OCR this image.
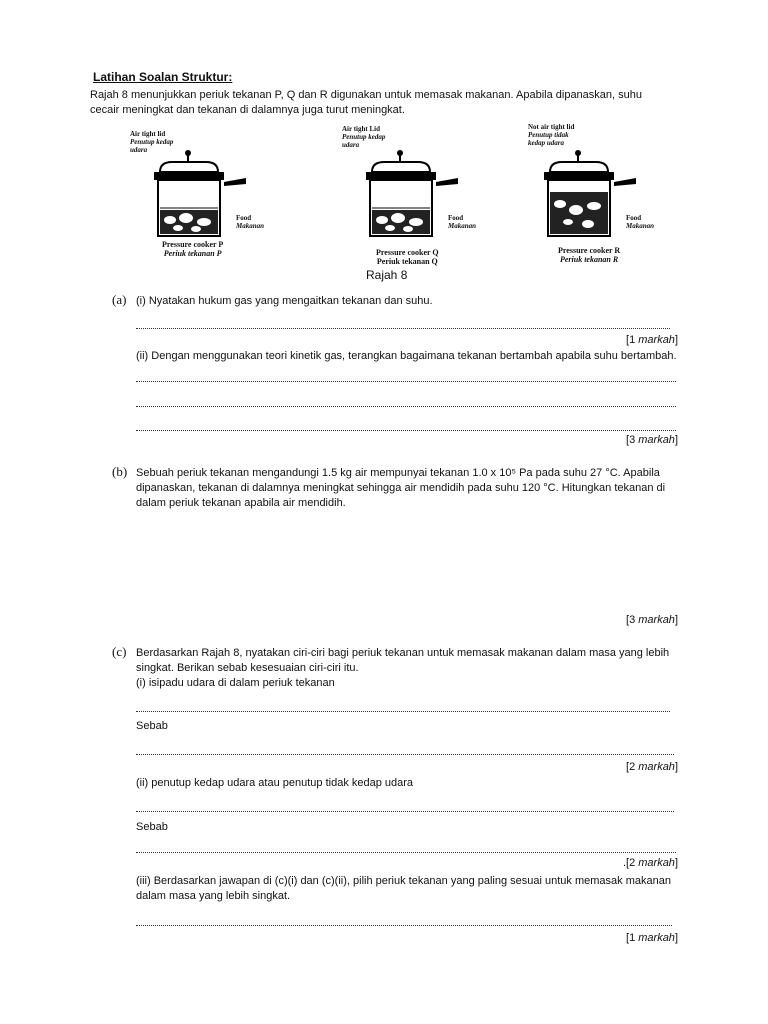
Latihan Soalan Struktur:
Rajah 8 menunjukkan periuk tekanan P, Q dan R digunakan untuk memasak makanan. Apabila dipanaskan, suhu cecair meningkat dan tekanan di dalamnya juga turut meningkat.
Air tight lid
Penutup kedap
udara
Food
Makanan
Pressure cooker P
Periuk tekanan P
Air tight Lid
Penutup kedap
udara
Food
Makanan
Pressure cooker Q
Periuk tekanan Q
Not air tight lid
Penutup tidak
kedap udara
Food
Makanan
Pressure cooker R
Periuk tekanan R
Rajah 8
(a) (i) Nyatakan hukum gas yang mengaitkan tekanan dan suhu.
[1 markah]
(ii) Dengan menggunakan teori kinetik gas, terangkan bagaimana tekanan bertambah apabila suhu bertambah.
[3 markah]
(b) Sebuah periuk tekanan mengandungi 1.5 kg air mempunyai tekanan 1.0 x 10⁵ Pa pada suhu 27 °C. Apabila dipanaskan, tekanan di dalamnya meningkat sehingga air mendidih pada suhu 120 °C. Hitungkan tekanan di dalam periuk tekanan apabila air mendidih.
[3 markah]
(c) Berdasarkan Rajah 8, nyatakan ciri-ciri bagi periuk tekanan untuk memasak makanan dalam masa yang lebih singkat. Berikan sebab kesesuaian ciri-ciri itu.
(i) isipadu udara di dalam periuk tekanan
Sebab
[2 markah]
(ii) penutup kedap udara atau penutup tidak kedap udara
Sebab
.[2 markah]
(iii) Berdasarkan jawapan di (c)(i) dan (c)(ii), pilih periuk tekanan yang paling sesuai untuk memasak makanan dalam masa yang lebih singkat.
[1 markah]
